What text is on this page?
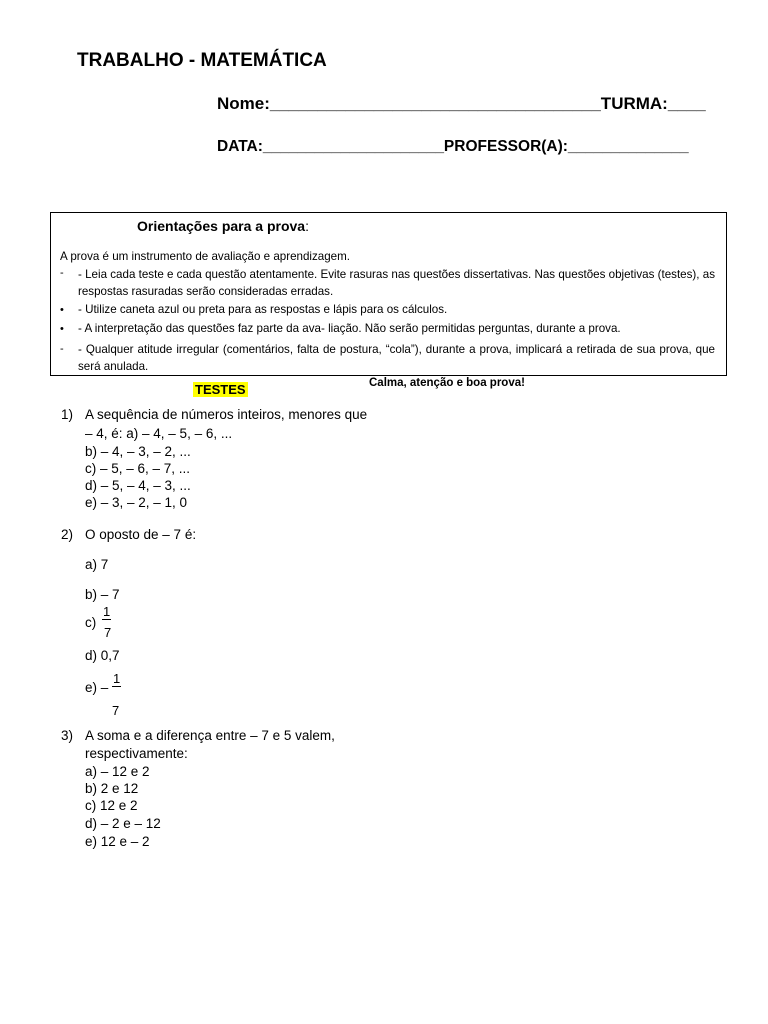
TRABALHO - MATEMÁTICA
Nome:___________________________________TURMA:____
DATA:_____________________PROFESSOR(A):______________
Orientações para a prova:
A prova é um instrumento de avaliação e aprendizagem.
- - Leia cada teste e cada questão atentamente. Evite rasuras nas questões dissertativas. Nas questões objetivas (testes), as respostas rasuradas serão consideradas erradas.
• - Utilize caneta azul ou preta para as respostas e lápis para os cálculos.
• - A interpretação das questões faz parte da ava- liação. Não serão permitidas perguntas, durante a prova.
- - Qualquer atitude irregular (comentários, falta de postura, “cola”), durante a prova, implicará a retirada de sua prova, que será anulada.
Calma, atenção e boa prova!
TESTES
1) A sequência de números inteiros, menores que
– 4, é: a) – 4, – 5, – 6, ...
b) – 4, – 3, – 2, ...
c) – 5, – 6, – 7, ...
d) – 5, – 4, – 3, ...
e) – 3, – 2, – 1, 0
2) O oposto de – 7 é:
a) 7
b) – 7
c)
1
7
d) 0,7
e) –
1
7
3) A soma e a diferença entre – 7 e 5 valem,
respectivamente:
a) – 12 e 2
b) 2 e 12
c) 12 e 2
d) – 2 e – 12
e) 12 e – 2
